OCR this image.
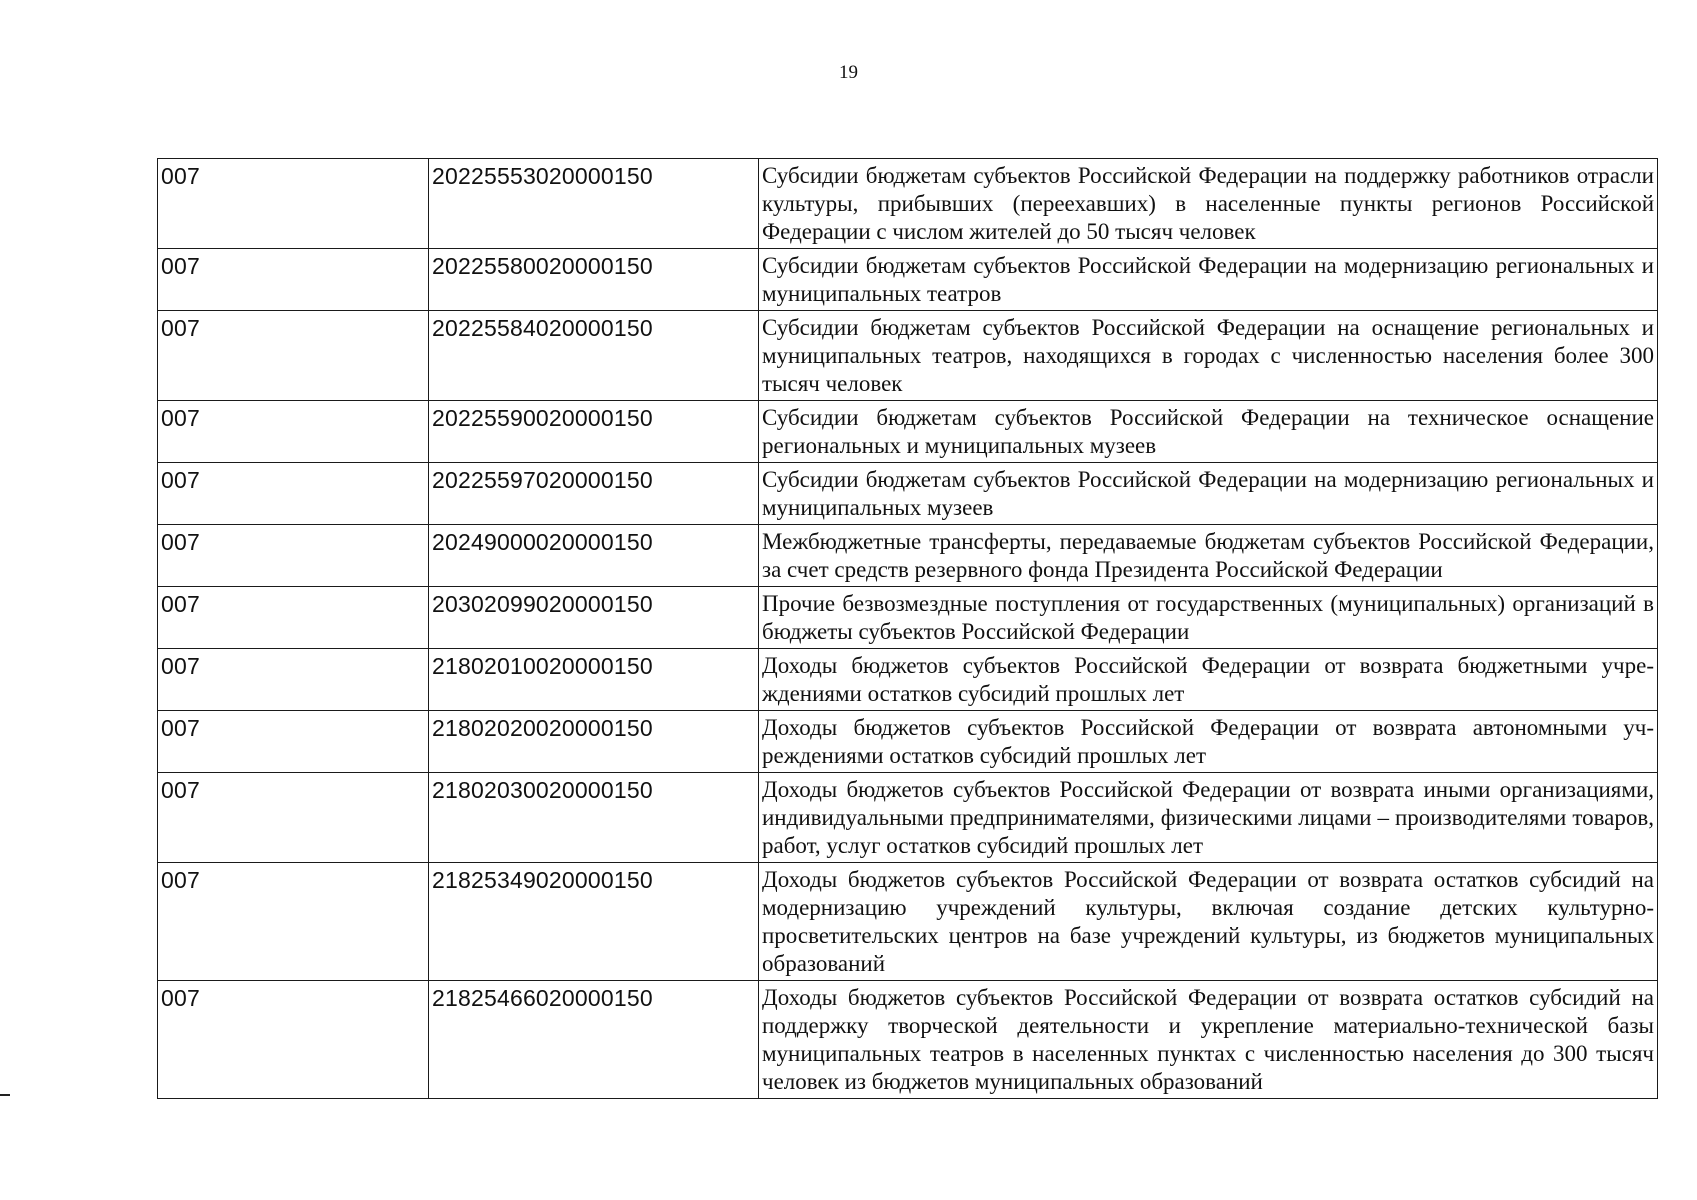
19
007	20225553020000150	Субсидии бюджетам субъектов Российской Федерации на поддержку работников отрасли культуры, прибывших (переехавших) в населенные пункты регионов Российской Федерации с числом жителей до 50 тысяч человек
007	20225580020000150	Субсидии бюджетам субъектов Российской Федерации на модернизацию региональных и муниципальных театров
007	20225584020000150	Субсидии бюджетам субъектов Российской Федерации на оснащение региональных и муниципальных театров, находящихся в городах с численностью населения более 300 тысяч человек
007	20225590020000150	Субсидии бюджетам субъектов Российской Федерации на техническое оснащение региональных и муниципальных музеев
007	20225597020000150	Субсидии бюджетам субъектов Российской Федерации на модернизацию региональных и муниципальных музеев
007	20249000020000150	Межбюджетные трансферты, передаваемые бюджетам субъектов Российской Федерации, за счет средств резервного фонда Президента Российской Федерации
007	20302099020000150	Прочие безвозмездные поступления от государственных (муниципальных) организаций в бюджеты субъектов Российской Федерации
007	21802010020000150	Доходы бюджетов субъектов Российской Федерации от возврата бюджетными учреждениями остатков субсидий прошлых лет
007	21802020020000150	Доходы бюджетов субъектов Российской Федерации от возврата автономными учреждениями остатков субсидий прошлых лет
007	21802030020000150	Доходы бюджетов субъектов Российской Федерации от возврата иными организациями, индивидуальными предпринимателями, физическими лицами – производителями товаров, работ, услуг остатков субсидий прошлых лет
007	21825349020000150	Доходы бюджетов субъектов Российской Федерации от возврата остатков субсидий на модернизацию учреждений культуры, включая создание детских культурно-просветительских центров на базе учреждений культуры, из бюджетов муниципальных образований
007	21825466020000150	Доходы бюджетов субъектов Российской Федерации от возврата остатков субсидий на поддержку творческой деятельности и укрепление материально-технической базы муниципальных театров в населенных пунктах с численностью населения до 300 тысяч человек из бюджетов муниципальных образований
